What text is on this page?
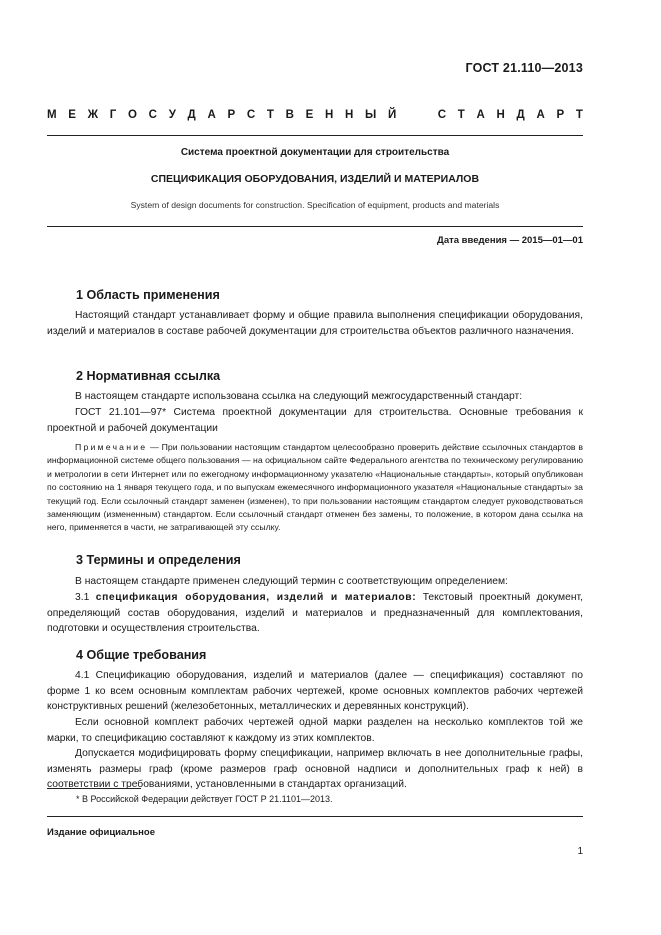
ГОСТ 21.110—2013
М Е Ж Г О С У Д А Р С Т В Е Н Н Ы Й

	С Т А Н Д А Р Т
Система проектной документации для строительства
СПЕЦИФИКАЦИЯ ОБОРУДОВАНИЯ, ИЗДЕЛИЙ И МАТЕРИАЛОВ
System of design documents for construction. Specification of equipment, products and materials
Дата введения — 2015—01—01
1 Область применения

Настоящий стандарт устанавливает форму и общие правила выполнения спецификации оборудования, изделий и материалов в составе рабочей документации для строительства объектов различного назначения.

2 Нормативная ссылка

В настоящем стандарте использована ссылка на следующий межгосударственный стандарт:

ГОСТ 21.101—97* Система проектной документации для строительства. Основные требования к проектной и рабочей документации

Примечание — При пользовании настоящим стандартом целесообразно проверить действие ссылочных стандартов в информационной системе общего пользования — на официальном сайте Федерального агентства по техническому регулированию и метрологии в сети Интернет или по ежегодному информационному указателю «Национальные стандарты», который опубликован по состоянию на 1 января текущего года, и по выпускам ежемесячного информационного указателя «Национальные стандарты» за текущий год. Если ссылочный стандарт заменен (изменен), то при пользовании настоящим стандартом следует руководствоваться заменяющим (измененным) стандартом. Если ссылочный стандарт отменен без замены, то положение, в котором дана ссылка на него, применяется в части, не затрагивающей эту ссылку.

3 Термины и определения

В настоящем стандарте применен следующий термин с соответствующим определением:

3.1 спецификация оборудования, изделий и материалов: Текстовый проектный документ, определяющий состав оборудования, изделий и материалов и предназначенный для комплектования, подготовки и осуществления строительства.

4 Общие требования

4.1 Спецификацию оборудования, изделий и материалов (далее — спецификация) составляют по форме 1 ко всем основным комплектам рабочих чертежей, кроме основных комплектов рабочих чертежей конструктивных решений (железобетонных, металлических и деревянных конструкций).

Если основной комплект рабочих чертежей одной марки разделен на несколько комплектов той же марки, то спецификацию составляют к каждому из этих комплектов.

Допускается модифицировать форму спецификации, например включать в нее дополнительные графы, изменять размеры граф (кроме размеров граф основной надписи и дополнительных граф к ней) в соответствии с требованиями, установленными в стандартах организаций.

* В Российской Федерации действует ГОСТ Р 21.1101—2013.
Издание официальное
1
